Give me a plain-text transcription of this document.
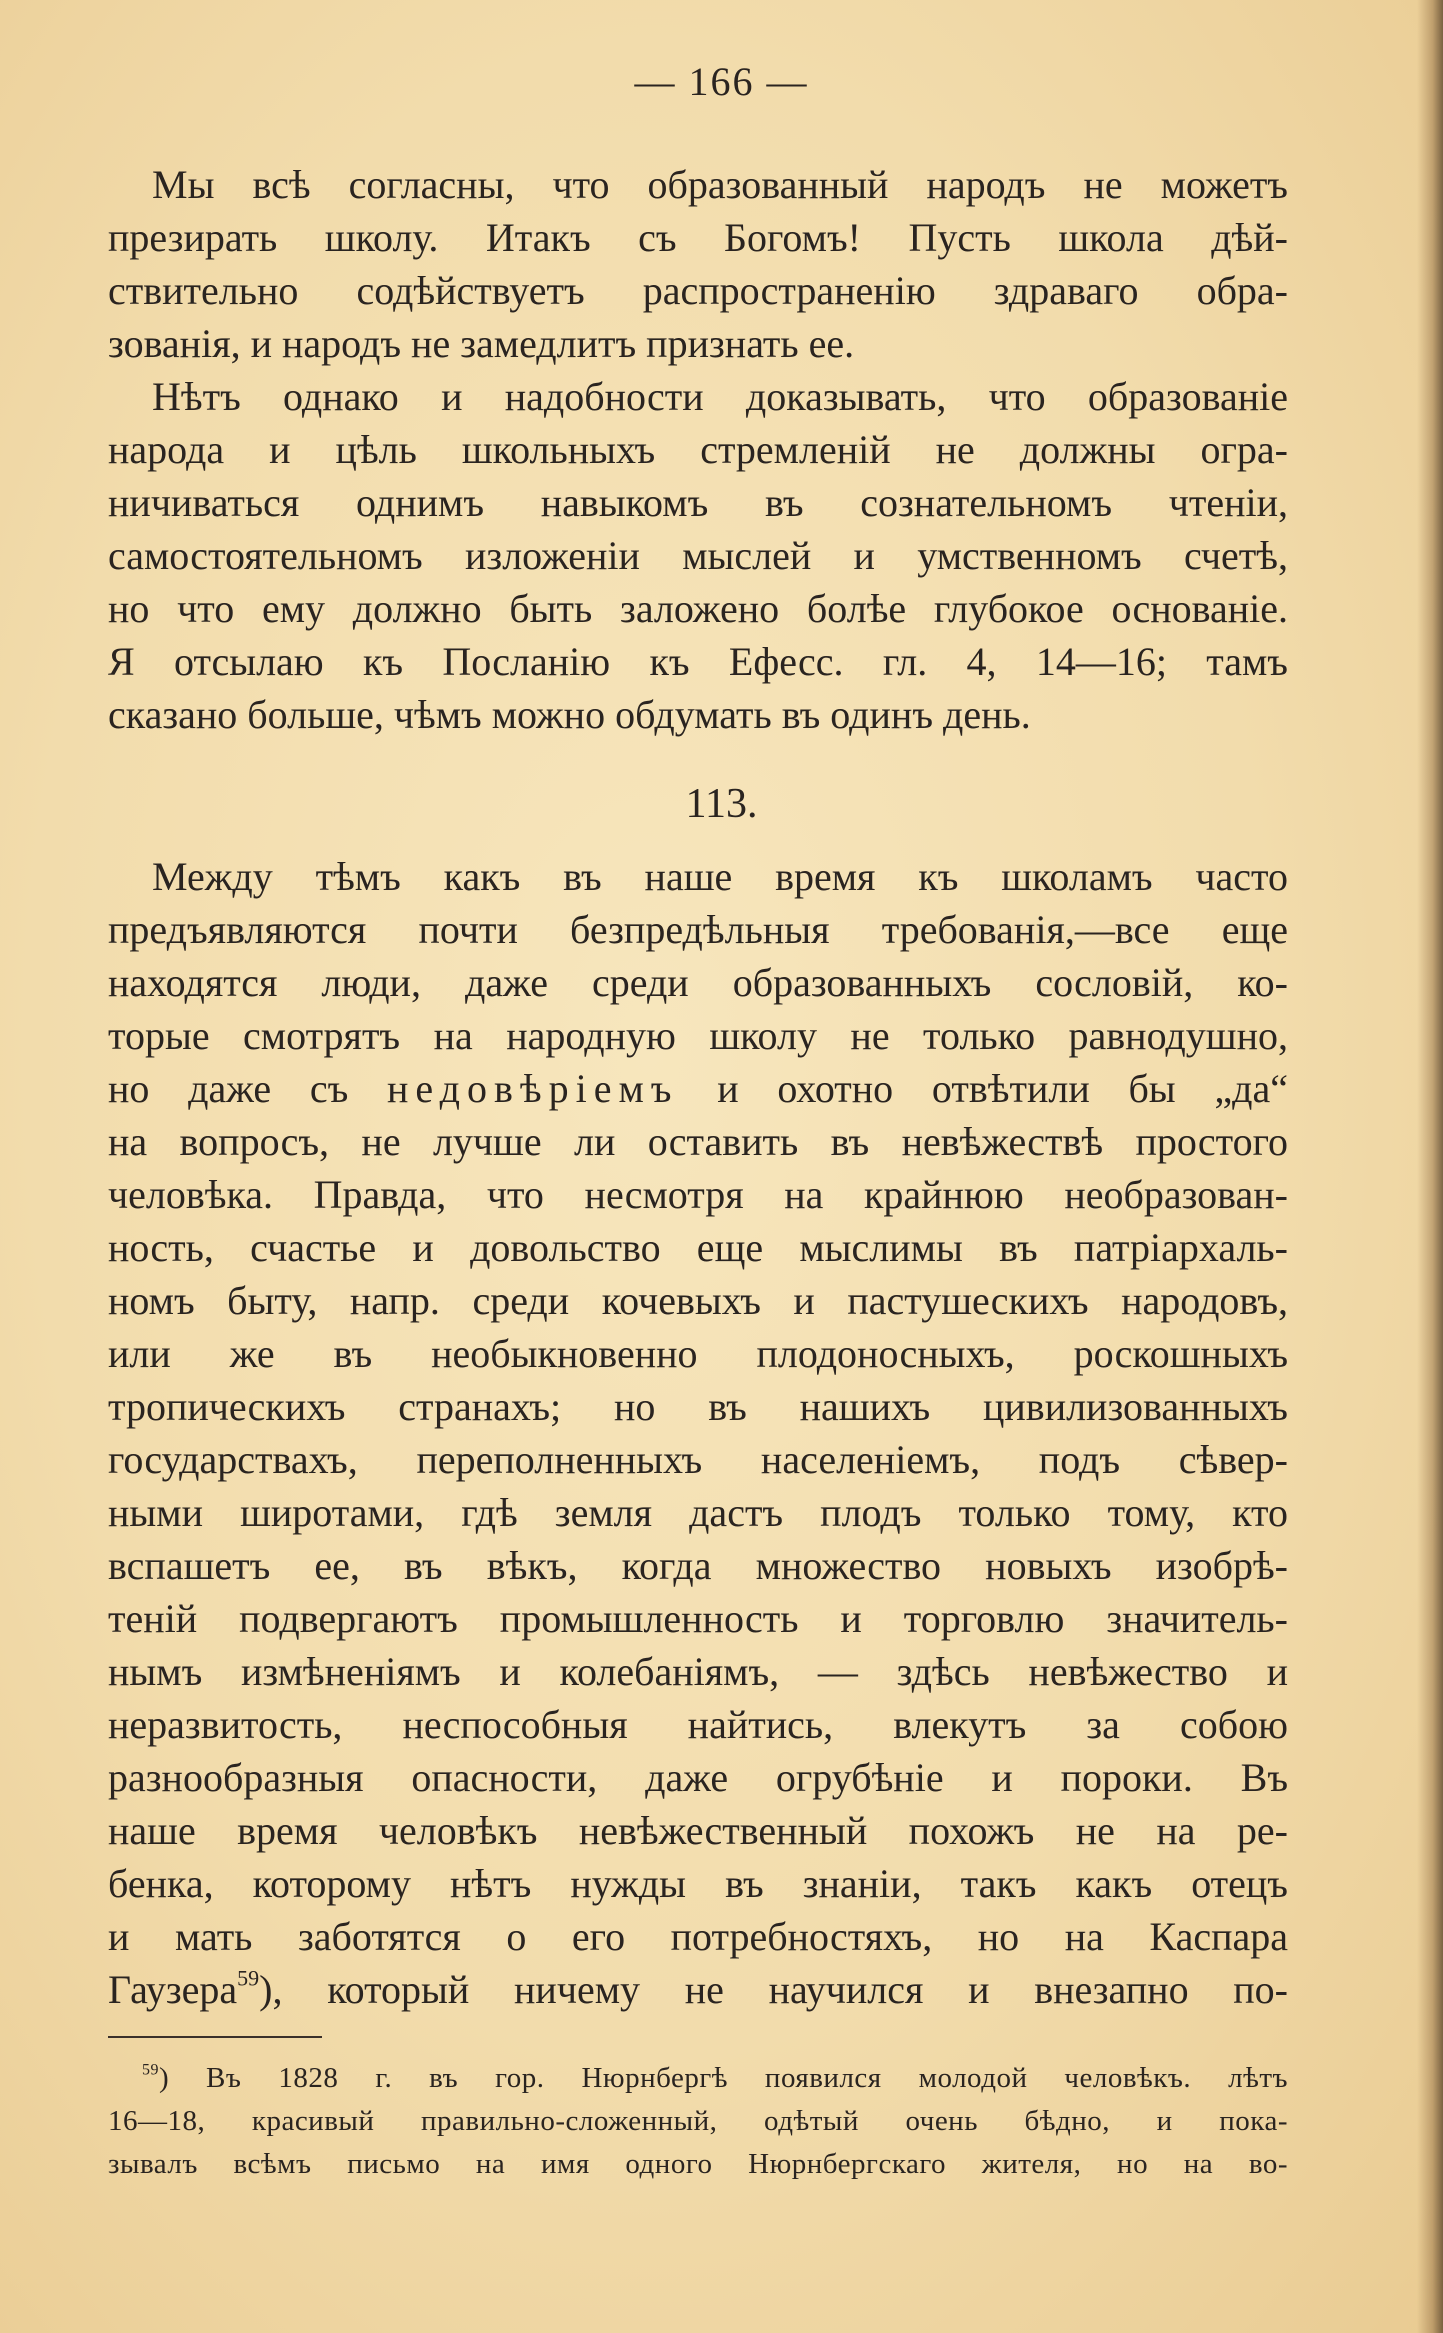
— 166 —
Мы всѣ согласны, что образованный народъ не можетъ
презирать школу. Итакъ съ Богомъ! Пусть школа дѣй-
ствительно содѣйствуетъ распространенію здраваго обра-
зованія, и народъ не замедлитъ признать ее.
Нѣтъ однако и надобности доказывать, что образованіе
народа и цѣль школьныхъ стремленій не должны огра-
ничиваться однимъ навыкомъ въ сознательномъ чтеніи,
самостоятельномъ изложеніи мыслей и умственномъ счетѣ,
но что ему должно быть заложено болѣе глубокое основаніе.
Я отсылаю къ Посланію къ Ефесс. гл. 4, 14—16; тамъ
сказано больше, чѣмъ можно обдумать въ одинъ день.
113.
Между тѣмъ какъ въ наше время къ школамъ часто
предъявляются почти безпредѣльныя требованія,—все еще
находятся люди, даже среди образованныхъ сословій, ко-
торые смотрятъ на народную школу не только равнодушно,
но даже съ недовѣріемъ и охотно отвѣтили бы „да“
на вопросъ, не лучше ли оставить въ невѣжествѣ простого
человѣка. Правда, что несмотря на крайнюю необразован-
ность, счастье и довольство еще мыслимы въ патріархаль-
номъ быту, напр. среди кочевыхъ и пастушескихъ народовъ,
или же въ необыкновенно плодоносныхъ, роскошныхъ
тропическихъ странахъ; но въ нашихъ цивилизованныхъ
государствахъ, переполненныхъ населеніемъ, подъ сѣвер-
ными широтами, гдѣ земля дастъ плодъ только тому, кто
вспашетъ ее, въ вѣкъ, когда множество новыхъ изобрѣ-
теній подвергаютъ промышленность и торговлю значитель-
нымъ измѣненіямъ и колебаніямъ, — здѣсь невѣжество и
неразвитость, неспособныя найтись, влекутъ за собою
разнообразныя опасности, даже огрубѣніе и пороки. Въ
наше время человѣкъ невѣжественный похожъ не на ре-
бенка, которому нѣтъ нужды въ знаніи, такъ какъ отецъ
и мать заботятся о его потребностяхъ, но на Каспара
Гаузера$^{59}$), который ничему не научился и внезапно по-
$^{59}$) Въ 1828 г. въ гор. Нюрнбергѣ появился молодой человѣкъ. лѣтъ
16—18, красивый правильно-сложенный, одѣтый очень бѣдно, и пока-
зывалъ всѣмъ письмо на имя одного Нюрнбергскаго жителя, но на во-
